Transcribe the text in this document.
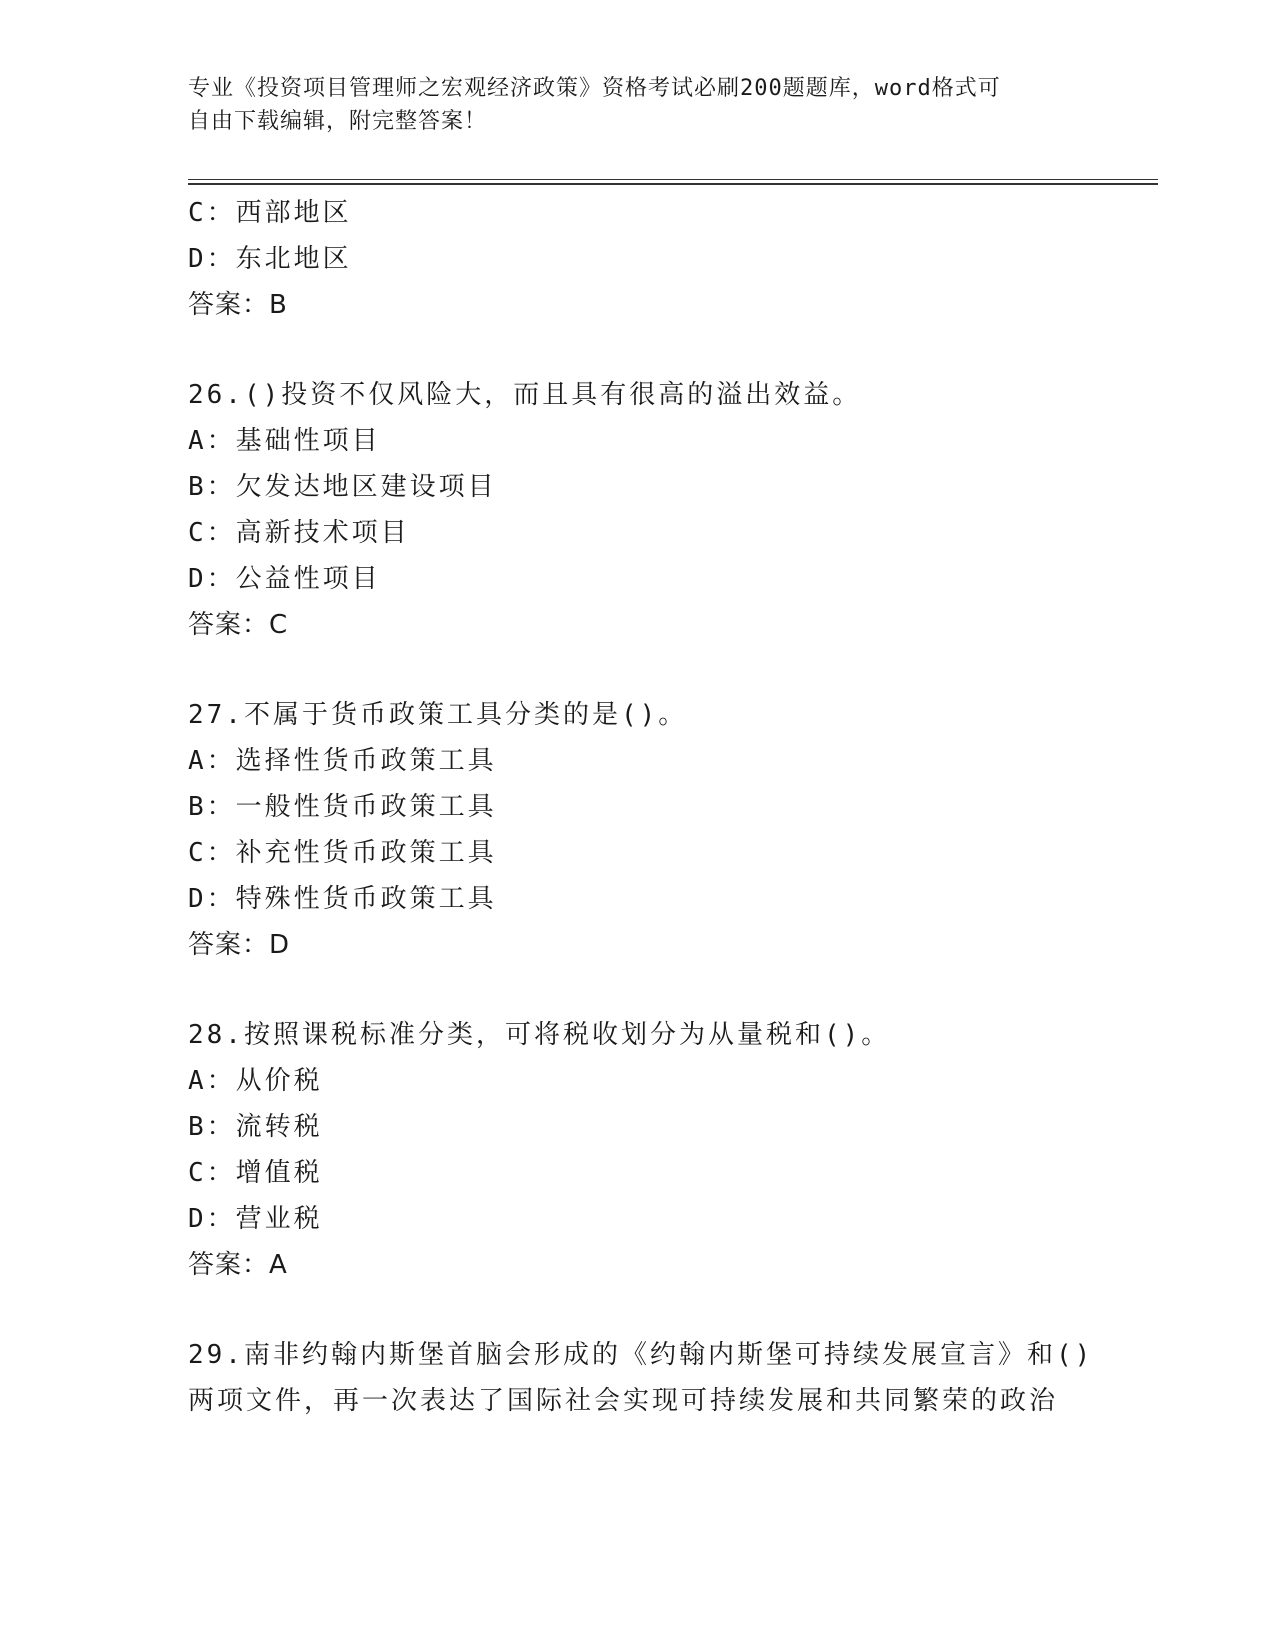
专业《投资项目管理师之宏观经济政策》资格考试必刷200题题库，word格式可
自由下载编辑，附完整答案！
C：西部地区
D：东北地区
答案：B
26.()投资不仅风险大，而且具有很高的溢出效益。
A：基础性项目
B：欠发达地区建设项目
C：高新技术项目
D：公益性项目
答案：C
27.不属于货币政策工具分类的是()。
A：选择性货币政策工具
B：一般性货币政策工具
C：补充性货币政策工具
D：特殊性货币政策工具
答案：D
28.按照课税标准分类，可将税收划分为从量税和()。
A：从价税
B：流转税
C：增值税
D：营业税
答案：A
29.南非约翰内斯堡首脑会形成的《约翰内斯堡可持续发展宣言》和()
两项文件，再一次表达了国际社会实现可持续发展和共同繁荣的政治
